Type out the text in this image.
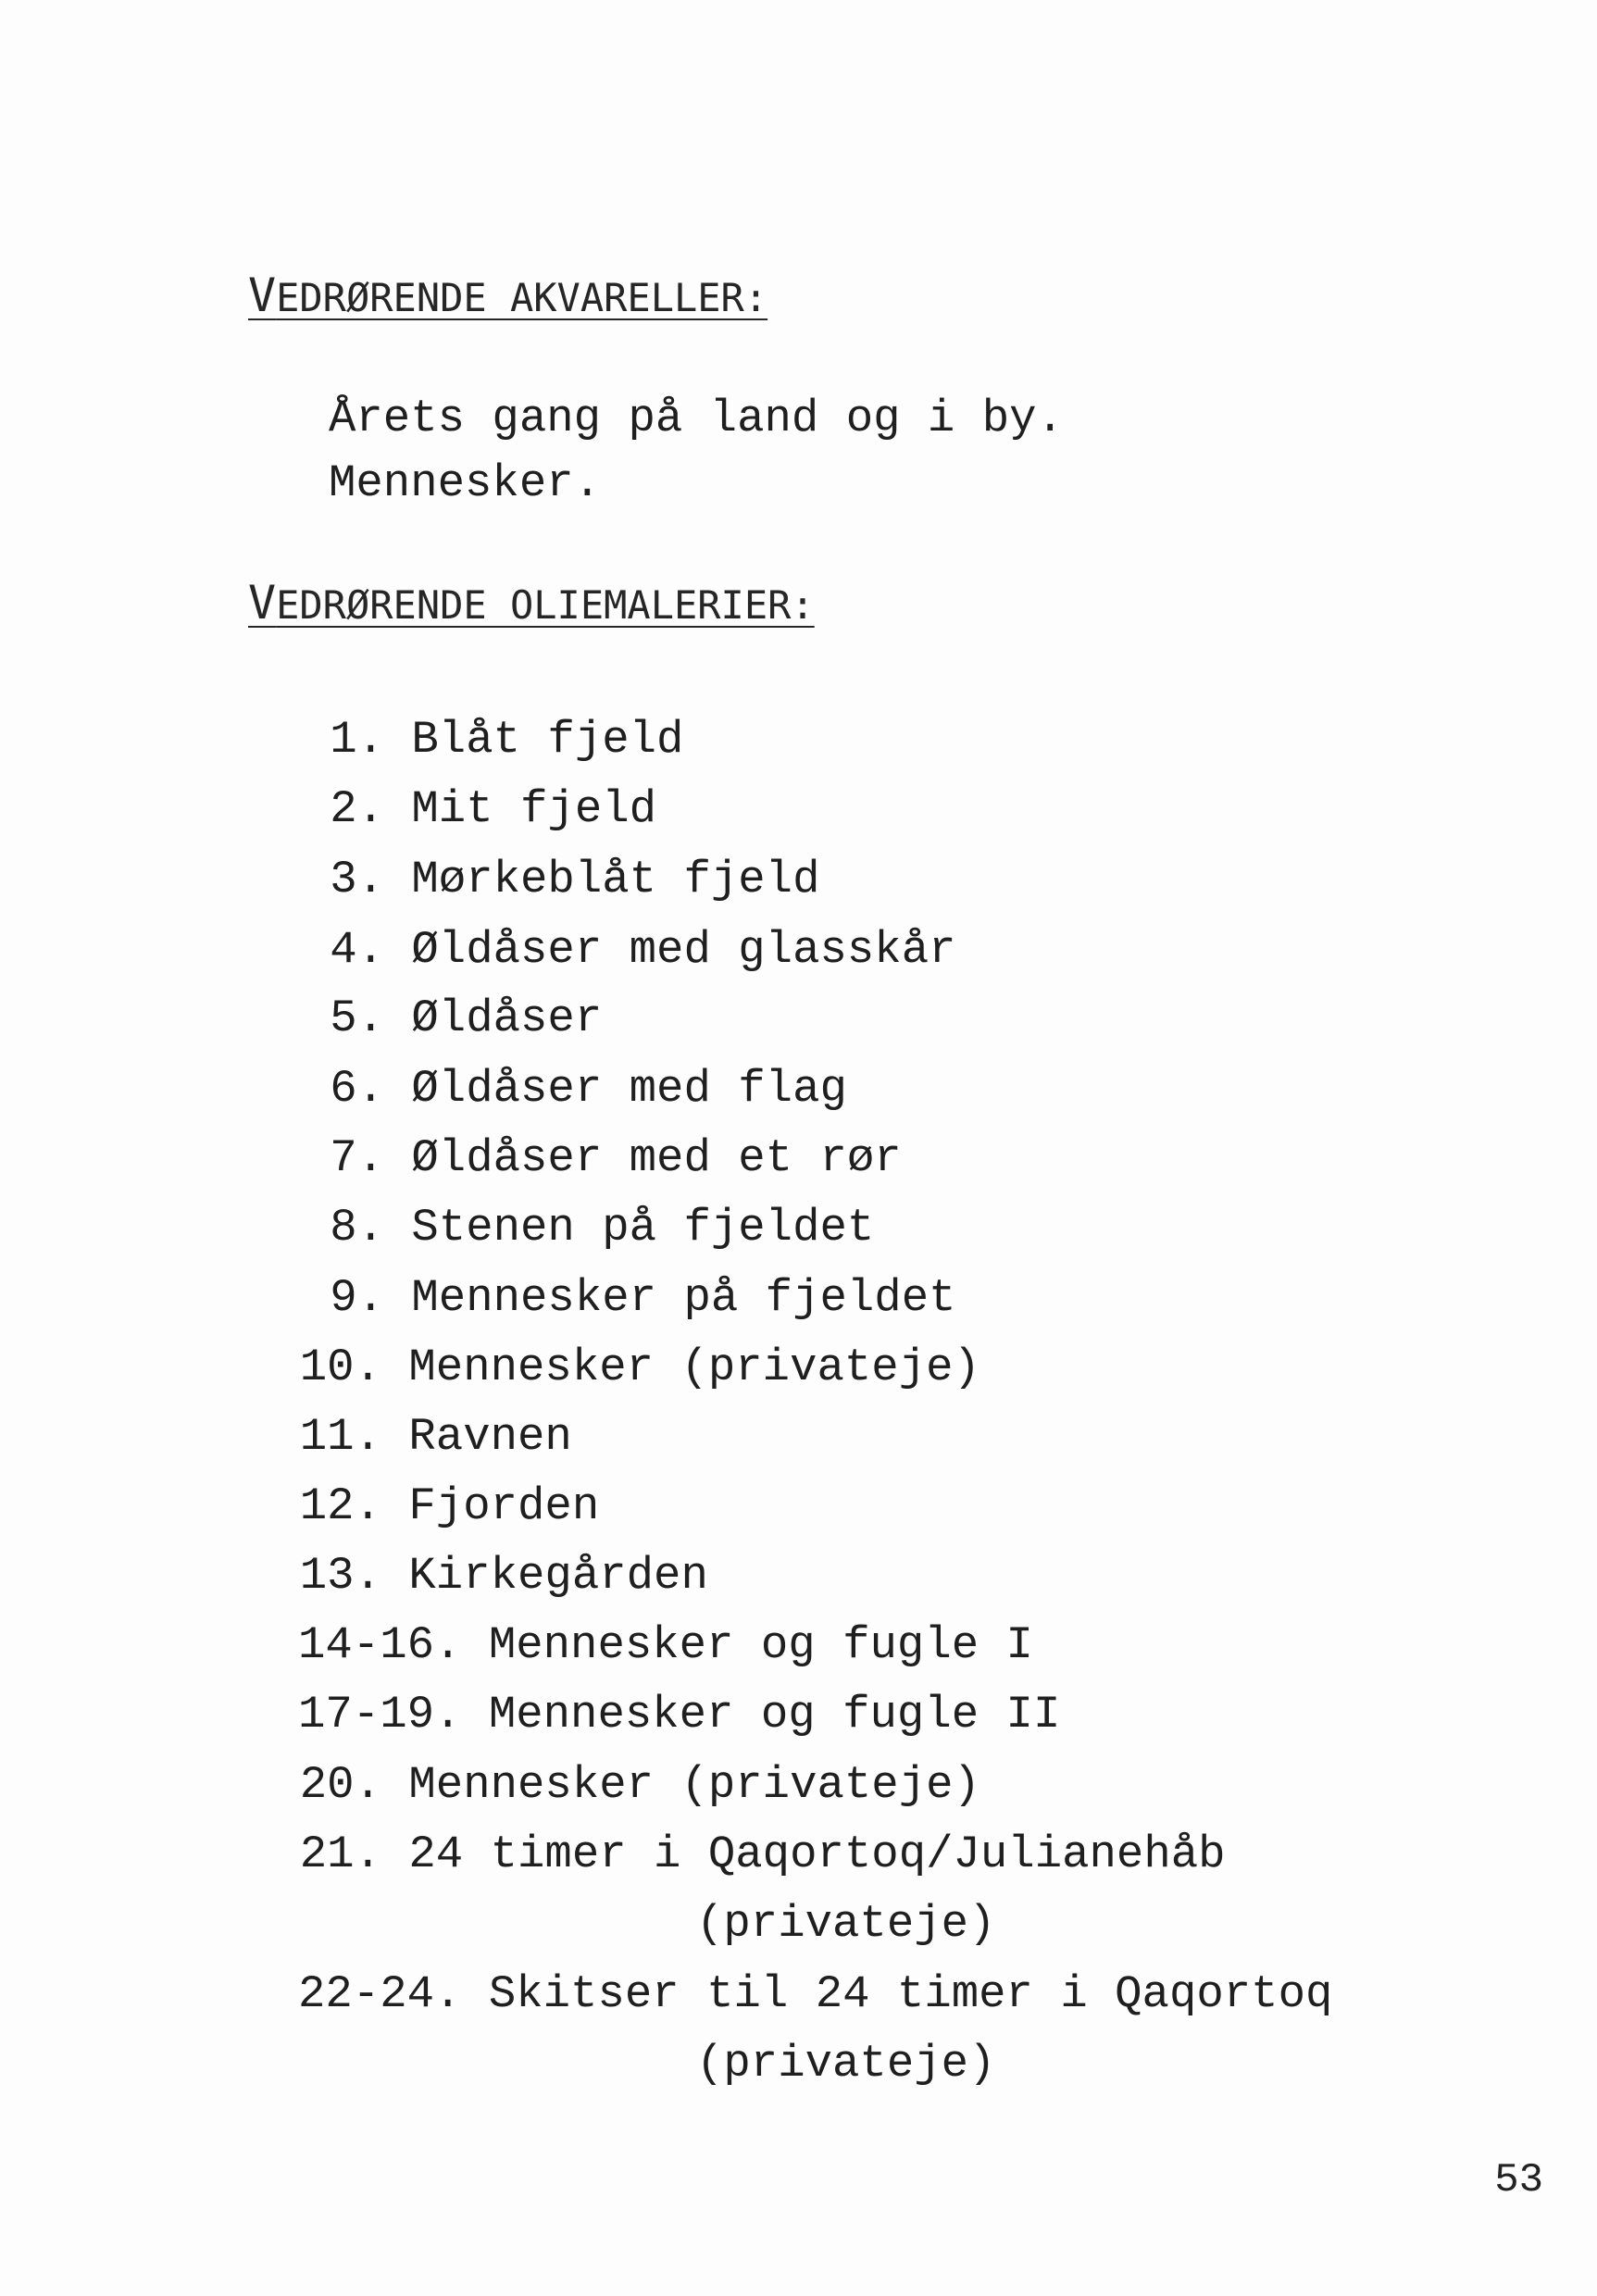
VEDRØRENDE AKVARELLER:
Årets gang på land og i by.
Mennesker.
VEDRØRENDE OLIEMALERIER:
1. Blåt fjeld
2. Mit fjeld
3. Mørkeblåt fjeld
4. Øldåser med glasskår
5. Øldåser
6. Øldåser med flag
7. Øldåser med et rør
8. Stenen på fjeldet
9. Mennesker på fjeldet
10. Mennesker (privateje)
11. Ravnen
12. Fjorden
13. Kirkegården
14-16. Mennesker og fugle I
17-19. Mennesker og fugle II
20. Mennesker (privateje)
21. 24 timer i Qaqortoq/Julianehåb
(privateje)
22-24. Skitser til 24 timer i Qaqortoq
(privateje)
53
